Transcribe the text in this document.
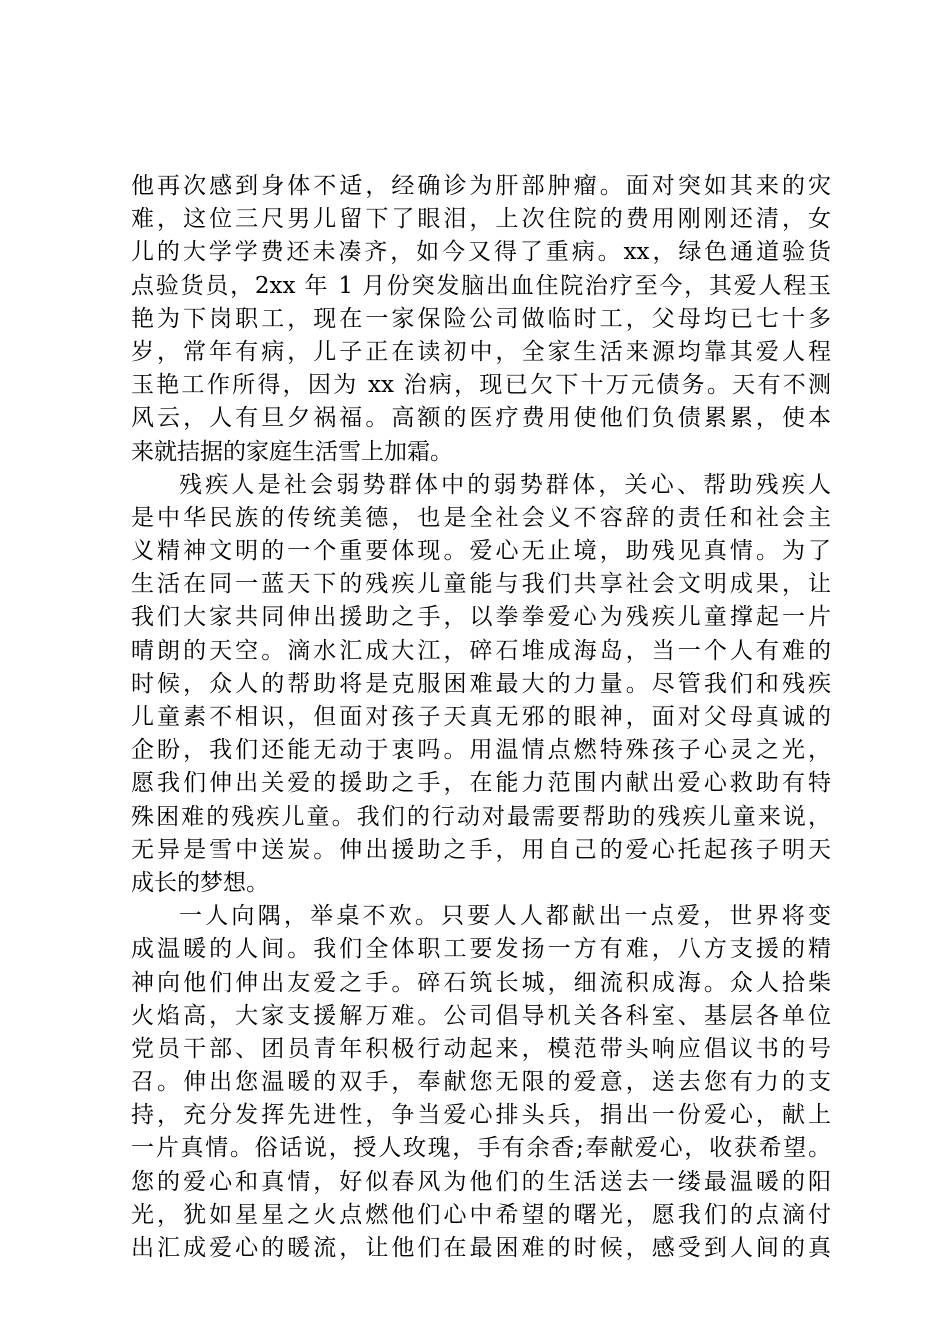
他再次感到身体不适，经确诊为肝部肿瘤。面对突如其来的灾
难，这位三尺男儿留下了眼泪，上次住院的费用刚刚还清，女
儿的大学学费还未凑齐，如今又得了重病。xx，绿色通道验货
点验货员，2xx 年 1 月份突发脑出血住院治疗至今，其爱人程玉
艳为下岗职工，现在一家保险公司做临时工，父母均已七十多
岁，常年有病，儿子正在读初中，全家生活来源均靠其爱人程
玉艳工作所得，因为 xx 治病，现已欠下十万元债务。天有不测
风云，人有旦夕祸福。高额的医疗费用使他们负债累累，使本
来就拮据的家庭生活雪上加霜。
残疾人是社会弱势群体中的弱势群体，关心、帮助残疾人
是中华民族的传统美德，也是全社会义不容辞的责任和社会主
义精神文明的一个重要体现。爱心无止境，助残见真情。为了
生活在同一蓝天下的残疾儿童能与我们共享社会文明成果，让
我们大家共同伸出援助之手，以拳拳爱心为残疾儿童撑起一片
晴朗的天空。滴水汇成大江，碎石堆成海岛，当一个人有难的
时候，众人的帮助将是克服困难最大的力量。尽管我们和残疾
儿童素不相识，但面对孩子天真无邪的眼神，面对父母真诚的
企盼，我们还能无动于衷吗。用温情点燃特殊孩子心灵之光，
愿我们伸出关爱的援助之手，在能力范围内献出爱心救助有特
殊困难的残疾儿童。我们的行动对最需要帮助的残疾儿童来说，
无异是雪中送炭。伸出援助之手，用自己的爱心托起孩子明天
成长的梦想。
一人向隅，举桌不欢。只要人人都献出一点爱，世界将变
成温暖的人间。我们全体职工要发扬一方有难，八方支援的精
神向他们伸出友爱之手。碎石筑长城，细流积成海。众人拾柴
火焰高，大家支援解万难。公司倡导机关各科室、基层各单位
党员干部、团员青年积极行动起来，模范带头响应倡议书的号
召。伸出您温暖的双手，奉献您无限的爱意，送去您有力的支
持，充分发挥先进性，争当爱心排头兵，捐出一份爱心，献上
一片真情。俗话说，授人玫瑰，手有余香;奉献爱心，收获希望。
您的爱心和真情，好似春风为他们的生活送去一缕最温暖的阳
光，犹如星星之火点燃他们心中希望的曙光，愿我们的点滴付
出汇成爱心的暖流，让他们在最困难的时候，感受到人间的真
